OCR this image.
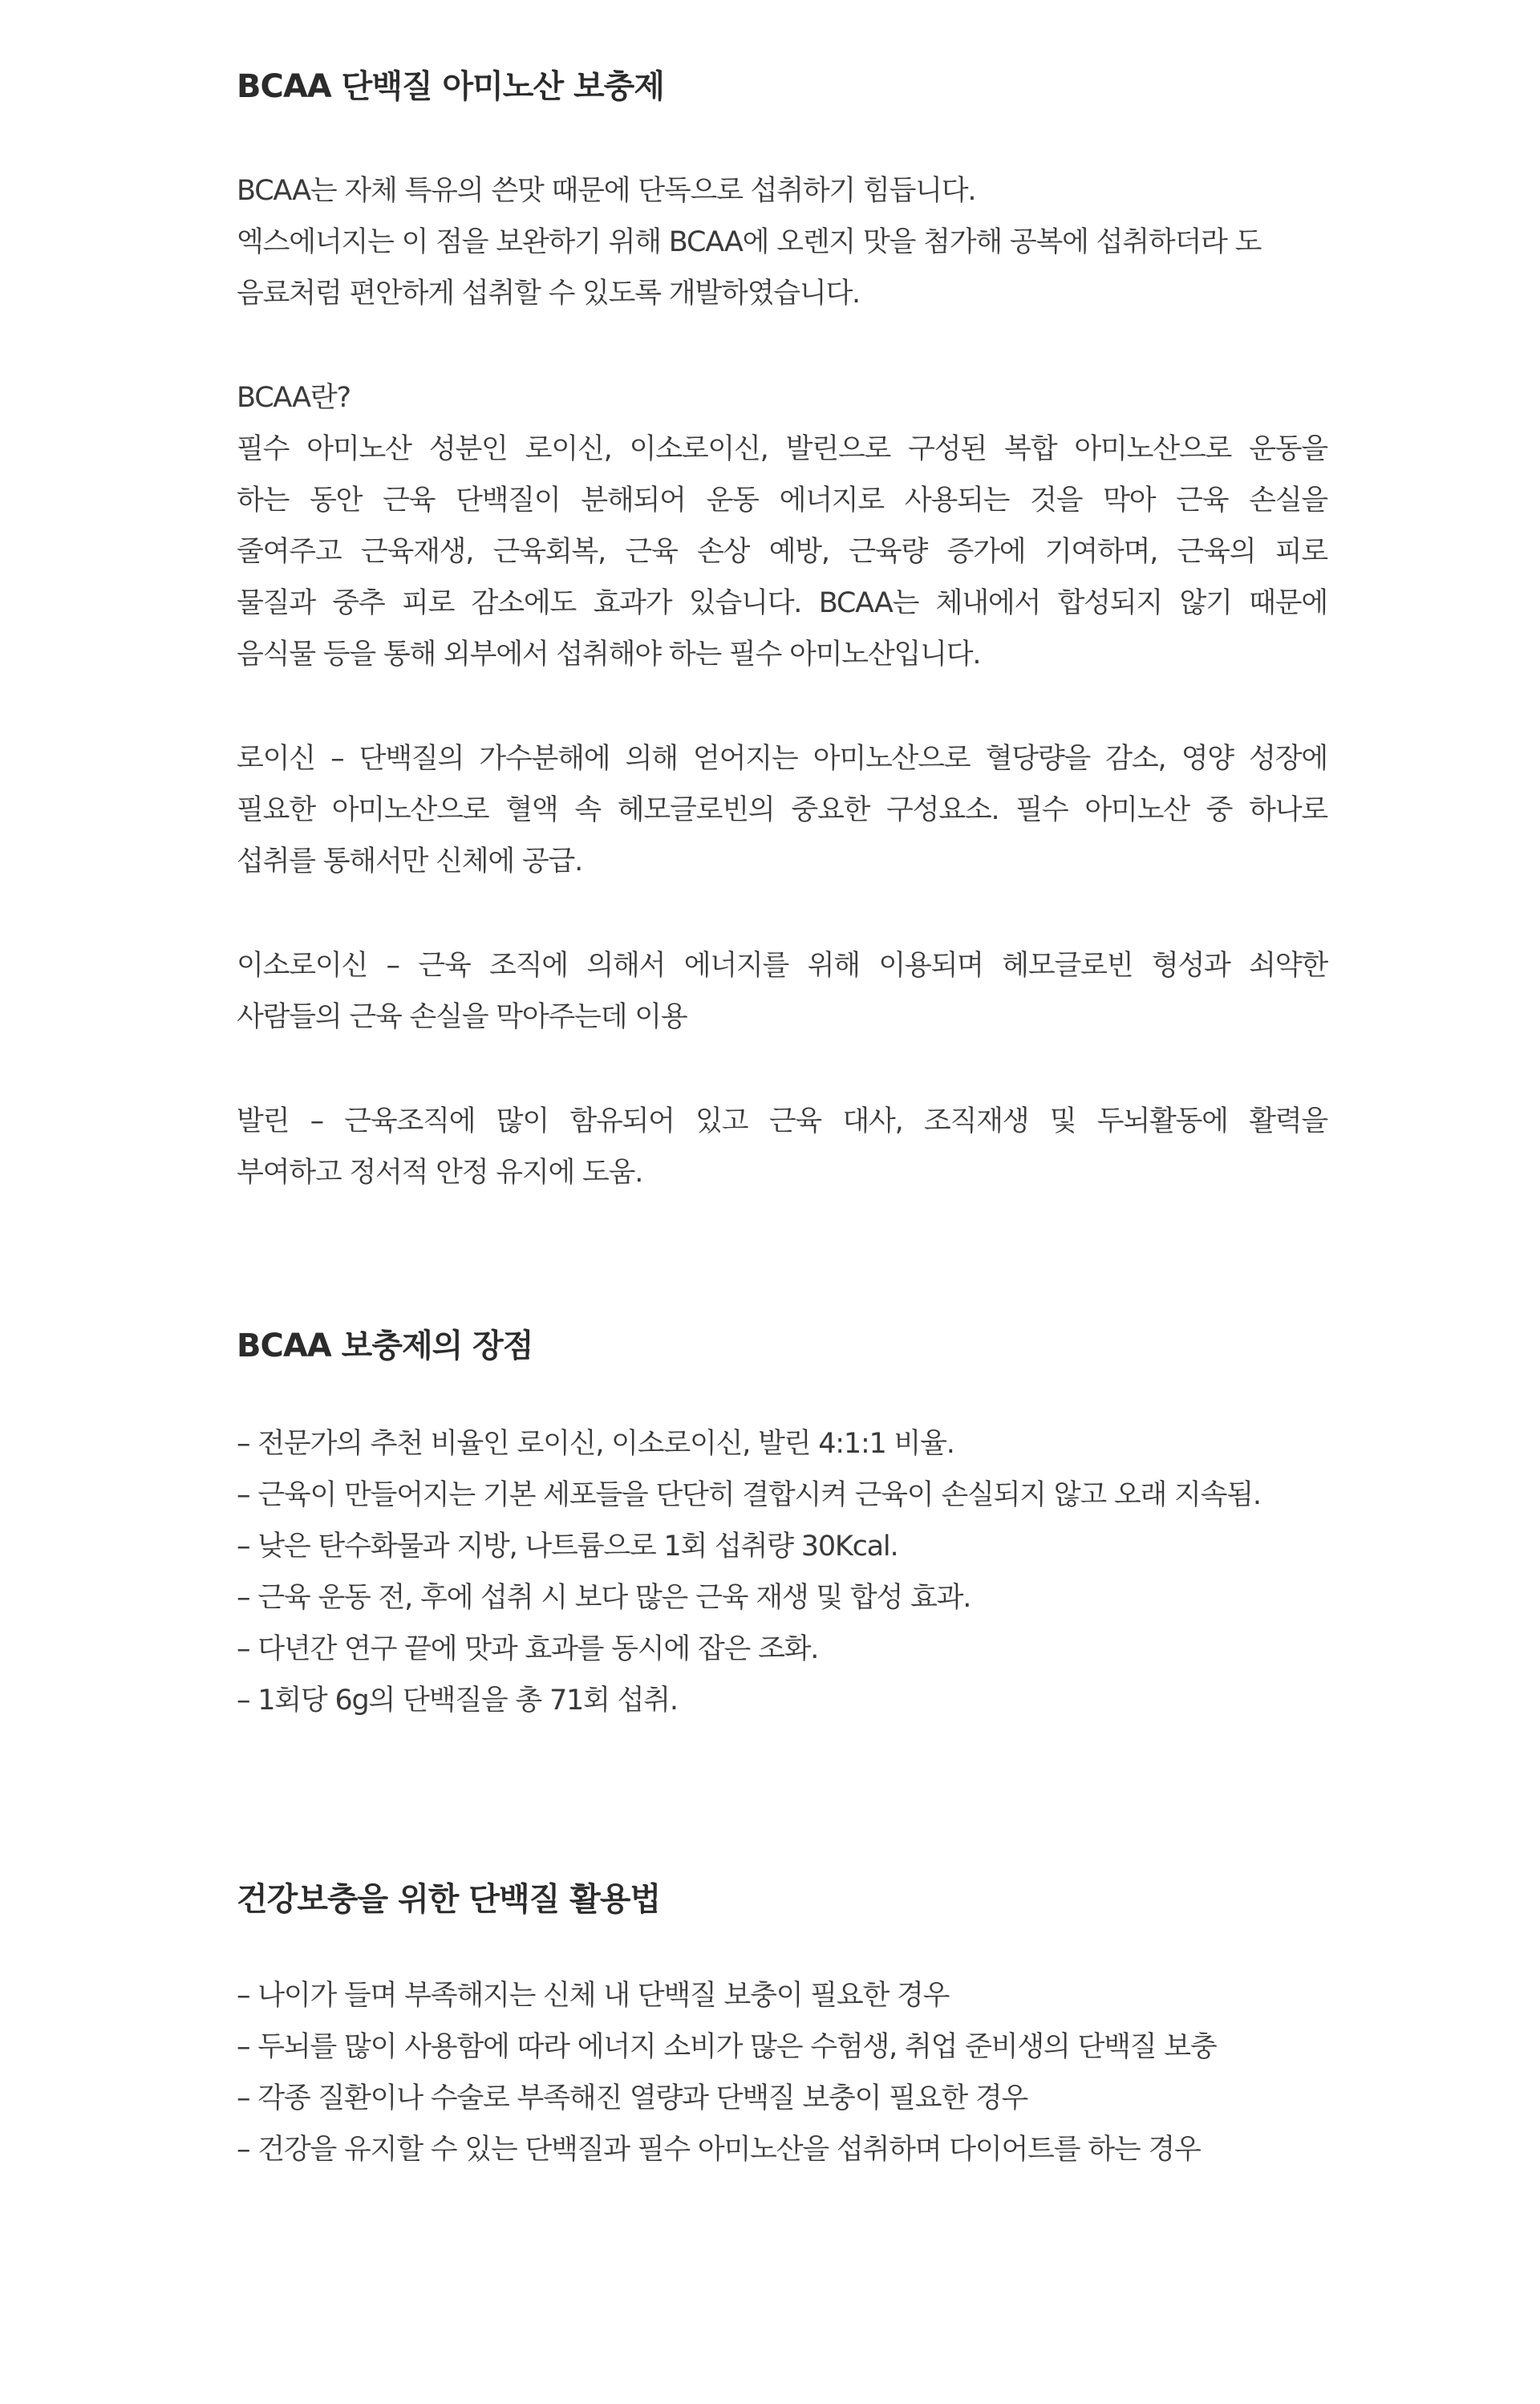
BCAA 단백질 아미노산 보충제
BCAA는 자체 특유의 쓴맛 때문에 단독으로 섭취하기 힘듭니다.
엑스에너지는 이 점을 보완하기 위해 BCAA에 오렌지 맛을 첨가해 공복에 섭취하더라 도
음료처럼 편안하게 섭취할 수 있도록 개발하였습니다.
BCAA란?
필수 아미노산 성분인 로이신, 이소로이신, 발린으로 구성된 복합 아미노산으로 운동을
하는 동안 근육 단백질이 분해되어 운동 에너지로 사용되는 것을 막아 근육 손실을
줄여주고 근육재생, 근육회복, 근육 손상 예방, 근육량 증가에 기여하며, 근육의 피로
물질과 중추 피로 감소에도 효과가 있습니다. BCAA는 체내에서 합성되지 않기 때문에
음식물 등을 통해 외부에서 섭취해야 하는 필수 아미노산입니다.
로이신 – 단백질의 가수분해에 의해 얻어지는 아미노산으로 혈당량을 감소, 영양 성장에
필요한 아미노산으로 혈액 속 헤모글로빈의 중요한 구성요소. 필수 아미노산 중 하나로
섭취를 통해서만 신체에 공급.
이소로이신 – 근육 조직에 의해서 에너지를 위해 이용되며 헤모글로빈 형성과 쇠약한
사람들의 근육 손실을 막아주는데 이용
발린 – 근육조직에 많이 함유되어 있고 근육 대사, 조직재생 및 두뇌활동에 활력을
부여하고 정서적 안정 유지에 도움.
BCAA 보충제의 장점
– 전문가의 추천 비율인 로이신, 이소로이신, 발린 4:1:1 비율.
– 근육이 만들어지는 기본 세포들을 단단히 결합시켜 근육이 손실되지 않고 오래 지속됨.
– 낮은 탄수화물과 지방, 나트륨으로 1회 섭취량 30Kcal.
– 근육 운동 전, 후에 섭취 시 보다 많은 근육 재생 및 합성 효과.
– 다년간 연구 끝에 맛과 효과를 동시에 잡은 조화.
– 1회당 6g의 단백질을 총 71회 섭취.
건강보충을 위한 단백질 활용법
– 나이가 들며 부족해지는 신체 내 단백질 보충이 필요한 경우
– 두뇌를 많이 사용함에 따라 에너지 소비가 많은 수험생, 취업 준비생의 단백질 보충
– 각종 질환이나 수술로 부족해진 열량과 단백질 보충이 필요한 경우
– 건강을 유지할 수 있는 단백질과 필수 아미노산을 섭취하며 다이어트를 하는 경우
